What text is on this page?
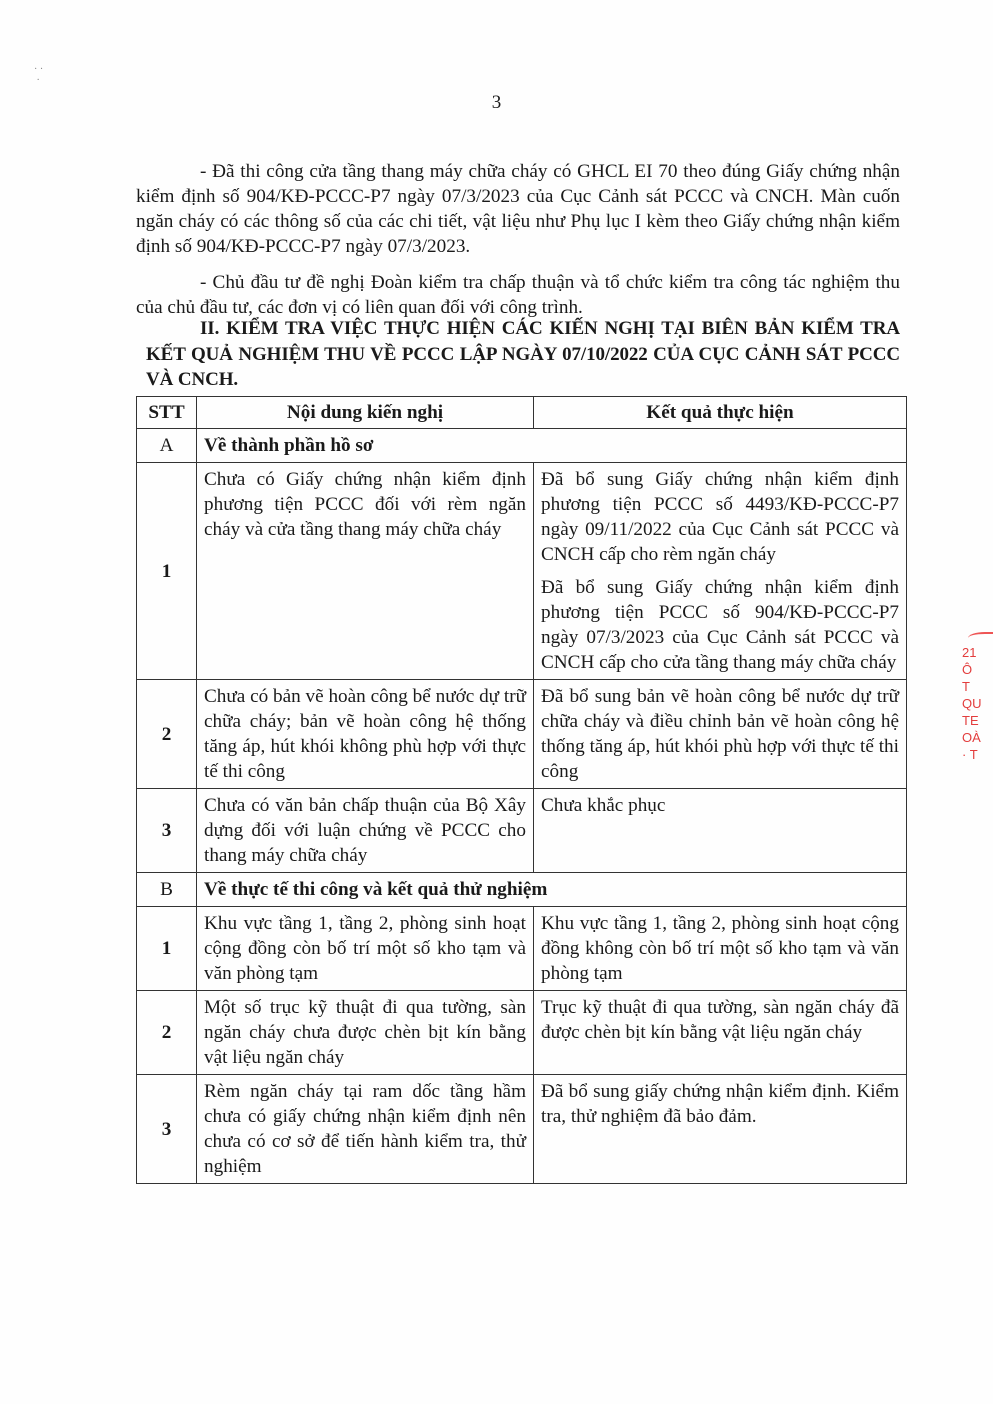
· ·
·
3

- Đã thi công cửa tầng thang máy chữa cháy có GHCL EI 70 theo đúng Giấy chứng nhận kiểm định số 904/KĐ-PCCC-P7 ngày 07/3/2023 của Cục Cảnh sát PCCC và CNCH. Màn cuốn ngăn cháy có các thông số của các chi tiết, vật liệu như Phụ lục I kèm theo Giấy chứng nhận kiểm định số 904/KĐ-PCCC-P7 ngày 07/3/2023.

- Chủ đầu tư đề nghị Đoàn kiểm tra chấp thuận và tổ chức kiểm tra công tác nghiệm thu của chủ đầu tư, các đơn vị có liên quan đối với công trình.

II. KIỂM TRA VIỆC THỰC HIỆN CÁC KIẾN NGHỊ TẠI BIÊN BẢN KIỂM TRA KẾT QUẢ NGHIỆM THU VỀ PCCC LẬP NGÀY 07/10/2022 CỦA CỤC CẢNH SÁT PCCC VÀ CNCH.
STT	Nội dung kiến nghị	Kết quả thực hiện
A	Về thành phần hồ sơ	
1	Chưa có Giấy chứng nhận kiểm định phương tiện PCCC đối với rèm ngăn cháy và cửa tầng thang máy chữa cháy	Đã bổ sung Giấy chứng nhận kiểm định phương tiện PCCC số 4493/KĐ-PCCC-P7 ngày 09/11/2022 của Cục Cảnh sát PCCC và CNCH cấp cho rèm ngăn cháy
Đã bổ sung Giấy chứng nhận kiểm định phương tiện PCCC số 904/KĐ-PCCC-P7 ngày 07/3/2023 của Cục Cảnh sát PCCC và CNCH cấp cho cửa tầng thang máy chữa cháy

2	Chưa có bản vẽ hoàn công bể nước dự trữ chữa cháy; bản vẽ hoàn công hệ thống tăng áp, hút khói không phù hợp với thực tế thi công	Đã bổ sung bản vẽ hoàn công bể nước dự trữ chữa cháy và điều chỉnh bản vẽ hoàn công hệ thống tăng áp, hút khói phù hợp với thực tế thi công

3	Chưa có văn bản chấp thuận của Bộ Xây dựng đối với luận chứng về PCCC cho thang máy chữa cháy	Chưa khắc phục

B	Về thực tế thi công và kết quả thử nghiệm	
1	Khu vực tầng 1, tầng 2, phòng sinh hoạt cộng đồng còn bố trí một số kho tạm và văn phòng tạm	Khu vực tầng 1, tầng 2, phòng sinh hoạt cộng đồng không còn bố trí một số kho tạm và văn phòng tạm

2	Một số trục kỹ thuật đi qua tường, sàn ngăn cháy chưa được chèn bịt kín bằng vật liệu ngăn cháy	Trục kỹ thuật đi qua tường, sàn ngăn cháy đã được chèn bịt kín bằng vật liệu ngăn cháy

3	Rèm ngăn cháy tại ram dốc tầng hầm chưa có giấy chứng nhận kiểm định nên chưa có cơ sở để tiến hành kiểm tra, thử nghiệm	Đã bổ sung giấy chứng nhận kiểm định. Kiểm tra, thử nghiệm đã bảo đảm.
21
Ô
T
QU
TE
OÀ
· T
